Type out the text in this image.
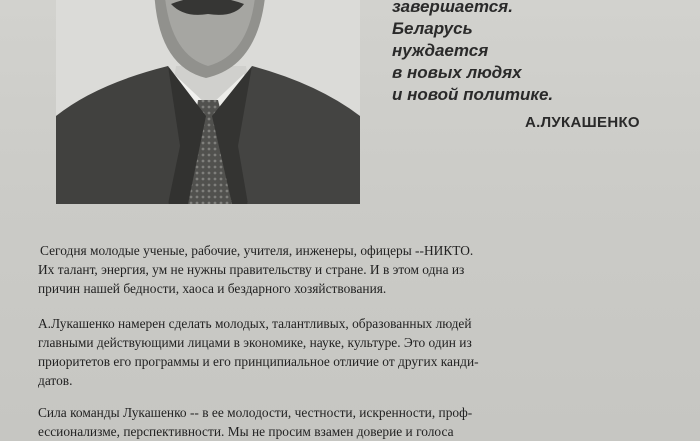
завершается.
Беларусь
нуждается
в новых людях
и новой политике.
А.ЛУКАШЕНКО
Сегодня молодые ученые, рабочие, учителя, инженеры, офицеры --НИКТО.
Их талант, энергия, ум не нужны правительству и стране. И в этом одна из
причин нашей бедности, хаоса и бездарного хозяйствования.
А.Лукашенко намерен сделать молодых, талантливых, образованных людей
главными действующими лицами в экономике, науке, культуре. Это один из
приоритетов его программы и его принципиальное отличие от других канди-
датов.
Сила команды Лукашенко -- в ее молодости, честности, искренности, проф-
ессионализме, перспективности. Мы не просим взамен доверие и голоса
